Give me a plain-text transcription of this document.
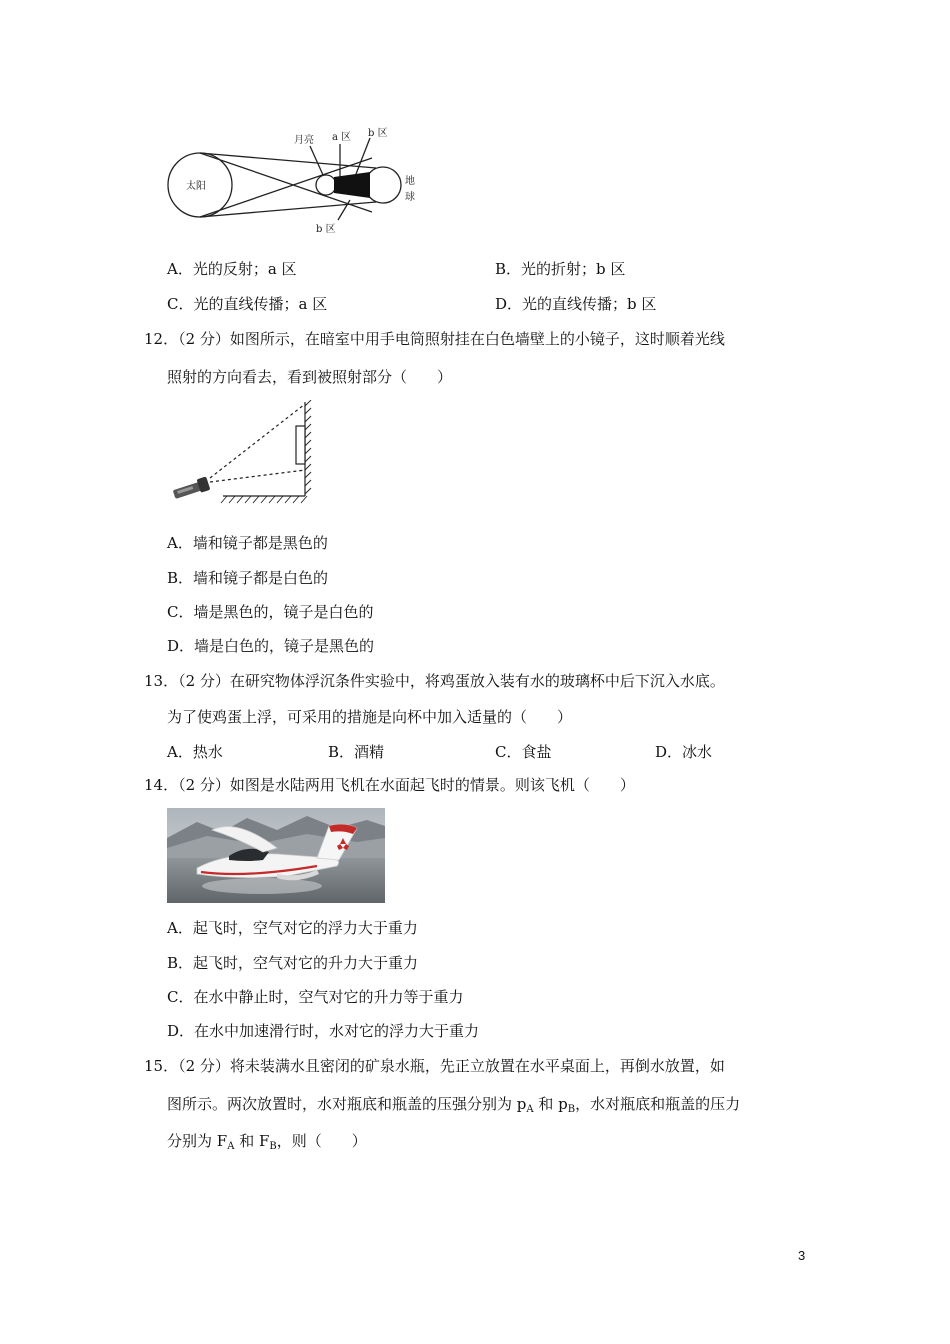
太阳
月亮 a 区 b 区
地
球
b 区
A．光的反射；a 区	B．光的折射；b 区
C．光的直线传播；a 区	D．光的直线传播；b 区
12．（2 分）如图所示，在暗室中用手电筒照射挂在白色墙壁上的小镜子，这时顺着光线
照射的方向看去，看到被照射部分（　　）
A．墙和镜子都是黑色的
B．墙和镜子都是白色的
C．墙是黑色的，镜子是白色的
D．墙是白色的，镜子是黑色的
13．（2 分）在研究物体浮沉条件实验中，将鸡蛋放入装有水的玻璃杯中后下沉入水底。
为了使鸡蛋上浮，可采用的措施是向杯中加入适量的（　　）
A．热水	B．酒精	C．食盐	D．冰水
14．（2 分）如图是水陆两用飞机在水面起飞时的情景。则该飞机（　　）
A．起飞时，空气对它的浮力大于重力
B．起飞时，空气对它的升力大于重力
C．在水中静止时，空气对它的升力等于重力
D．在水中加速滑行时，水对它的浮力大于重力
15．（2 分）将未装满水且密闭的矿泉水瓶，先正立放置在水平桌面上，再倒水放置，如
图所示。两次放置时，水对瓶底和瓶盖的压强分别为 $p_A$ 和 $p_B$，水对瓶底和瓶盖的压力
分别为 $F_A$ 和 $F_B$，则（　　）
3
